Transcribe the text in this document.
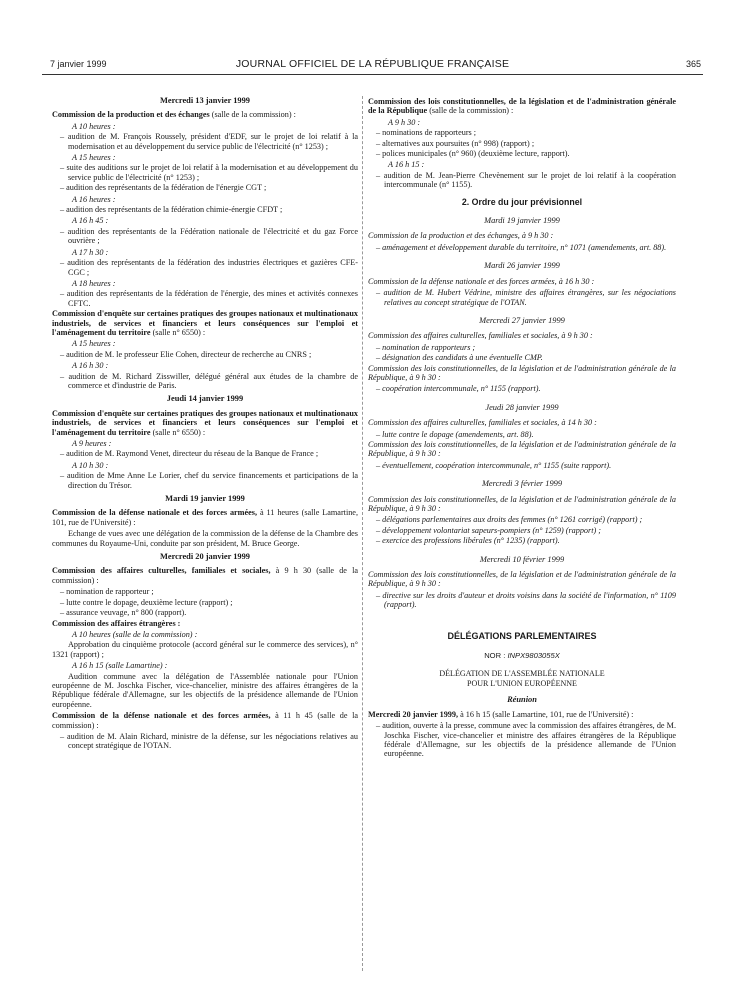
7 janvier 1999	JOURNAL OFFICIEL DE LA RÉPUBLIQUE FRANÇAISE	365
Mercredi 13 janvier 1999

Commission de la production et des échanges (salle de la commission) :

A 10 heures :

– audition de M. François Roussely, président d'EDF, sur le projet de loi relatif à la modernisation et au développement du service public de l'électricité (n° 1253) ;

A 15 heures :

– suite des auditions sur le projet de loi relatif à la modernisation et au développement du service public de l'électricité (n° 1253) ;

– audition des représentants de la fédération de l'énergie CGT ;

A 16 heures :

– audition des représentants de la fédération chimie-énergie CFDT ;

A 16 h 45 :

– audition des représentants de la Fédération nationale de l'électricité et du gaz Force ouvrière ;

A 17 h 30 :

– audition des représentants de la fédération des industries électriques et gazières CFE-CGC ;

A 18 heures :

– audition des représentants de la fédération de l'énergie, des mines et activités connexes CFTC.

Commission d'enquête sur certaines pratiques des groupes nationaux et multinationaux industriels, de services et financiers et leurs conséquences sur l'emploi et l'aménagement du territoire (salle n° 6550) :

A 15 heures :

– audition de M. le professeur Elie Cohen, directeur de recherche au CNRS ;

A 16 h 30 :

– audition de M. Richard Zisswiller, délégué général aux études de la chambre de commerce et d'industrie de Paris.

Jeudi 14 janvier 1999

Commission d'enquête sur certaines pratiques des groupes nationaux et multinationaux industriels, de services et financiers et leurs conséquences sur l'emploi et l'aménagement du territoire (salle n° 6550) :

A 9 heures :

– audition de M. Raymond Venet, directeur du réseau de la Banque de France ;

A 10 h 30 :

– audition de Mme Anne Le Lorier, chef du service financements et participations de la direction du Trésor.

Mardi 19 janvier 1999

Commission de la défense nationale et des forces armées, à 11 heures (salle Lamartine, 101, rue de l'Université) :

Echange de vues avec une délégation de la commission de la défense de la Chambre des communes du Royaume-Uni, conduite par son président, M. Bruce George.

Mercredi 20 janvier 1999

Commission des affaires culturelles, familiales et sociales, à 9 h 30 (salle de la commission) :

– nomination de rapporteur ;

– lutte contre le dopage, deuxième lecture (rapport) ;

– assurance veuvage, n° 800 (rapport).

Commission des affaires étrangères :

A 10 heures (salle de la commission) :

Approbation du cinquième protocole (accord général sur le commerce des services), n° 1321 (rapport) ;

A 16 h 15 (salle Lamartine) :

Audition commune avec la délégation de l'Assemblée nationale pour l'Union européenne de M. Joschka Fischer, vice-chancelier, ministre des affaires étrangères de la République fédérale d'Allemagne, sur les objectifs de la présidence allemande de l'Union européenne.

Commission de la défense nationale et des forces armées, à 11 h 45 (salle de la commission) :

– audition de M. Alain Richard, ministre de la défense, sur les négociations relatives au concept stratégique de l'OTAN.

Commission des lois constitutionnelles, de la législation et de l'administration générale de la République (salle de la commission) :

A 9 h 30 :

– nominations de rapporteurs ;

– alternatives aux poursuites (n° 998) (rapport) ;

– polices municipales (n° 960) (deuxième lecture, rapport).

A 16 h 15 :

– audition de M. Jean-Pierre Chevènement sur le projet de loi relatif à la coopération intercommunale (n° 1155).

2. Ordre du jour prévisionnel
Mardi 19 janvier 1999

Commission de la production et des échanges, à 9 h 30 :

– aménagement et développement durable du territoire, n° 1071 (amendements, art. 88).

Mardi 26 janvier 1999

Commission de la défense nationale et des forces armées, à 16 h 30 :

– audition de M. Hubert Védrine, ministre des affaires étrangères, sur les négociations relatives au concept stratégique de l'OTAN.

Mercredi 27 janvier 1999

Commission des affaires culturelles, familiales et sociales, à 9 h 30 :

– nomination de rapporteurs ;

– désignation des candidats à une éventuelle CMP.

Commission des lois constitutionnelles, de la législation et de l'administration générale de la République, à 9 h 30 :

– coopération intercommunale, n° 1155 (rapport).

Jeudi 28 janvier 1999

Commission des affaires culturelles, familiales et sociales, à 14 h 30 :

– lutte contre le dopage (amendements, art. 88).

Commission des lois constitutionnelles, de la législation et de l'administration générale de la République, à 9 h 30 :

– éventuellement, coopération intercommunale, n° 1155 (suite rapport).

Mercredi 3 février 1999

Commission des lois constitutionnelles, de la législation et de l'administration générale de la République, à 9 h 30 :

– délégations parlementaires aux droits des femmes (n° 1261 corrigé) (rapport) ;

– développement volontariat sapeurs-pompiers (n° 1259) (rapport) ;

– exercice des professions libérales (n° 1235) (rapport).

Mercredi 10 février 1999

Commission des lois constitutionnelles, de la législation et de l'administration générale de la République, à 9 h 30 :

– directive sur les droits d'auteur et droits voisins dans la société de l'information, n° 1109 (rapport).

DÉLÉGATIONS PARLEMENTAIRES
NOR : INPX9803055X
DÉLÉGATION DE L'ASSEMBLÉE NATIONALE
POUR L'UNION EUROPÉENNE
Réunion

Mercredi 20 janvier 1999, à 16 h 15 (salle Lamartine, 101, rue de l'Université) :

– audition, ouverte à la presse, commune avec la commission des affaires étrangères, de M. Joschka Fischer, vice-chancelier et ministre des affaires étrangères de la République fédérale d'Allemagne, sur les objectifs de la présidence allemande de l'Union européenne.
